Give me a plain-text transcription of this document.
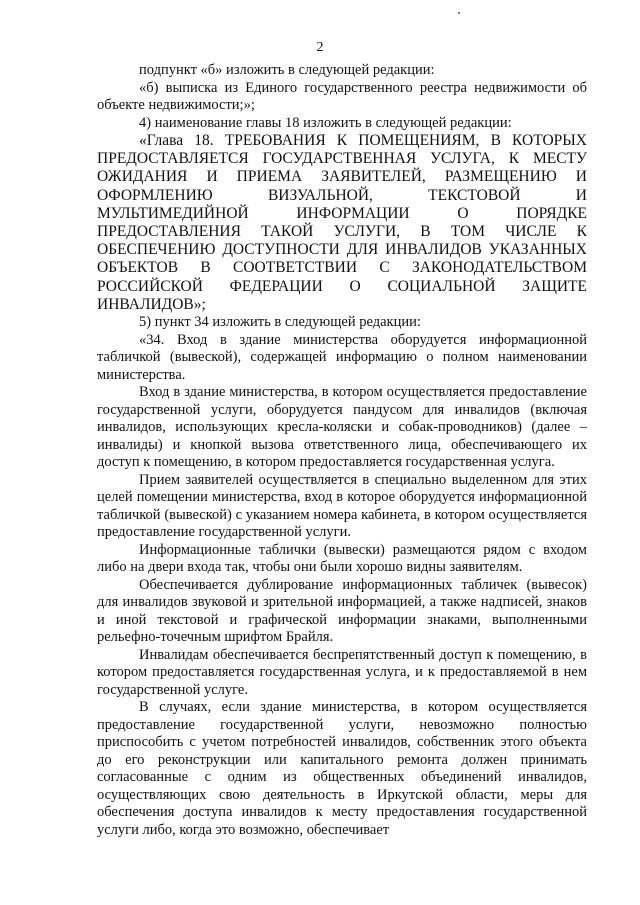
2

подпункт «б» изложить в следующей редакции:

«б) выписка из Единого государственного реестра недвижимости об объекте недвижимости;»;

4) наименование главы 18 изложить в следующей редакции:

«Глава 18. ТРЕБОВАНИЯ К ПОМЕЩЕНИЯМ, В КОТОРЫХ ПРЕДОСТАВЛЯЕТСЯ ГОСУДАРСТВЕННАЯ УСЛУГА, К МЕСТУ ОЖИДАНИЯ И ПРИЕМА ЗАЯВИТЕЛЕЙ, РАЗМЕЩЕНИЮ И ОФОРМЛЕНИЮ ВИЗУАЛЬНОЙ, ТЕКСТОВОЙ И МУЛЬТИМЕДИЙНОЙ ИНФОРМАЦИИ О ПОРЯДКЕ ПРЕДОСТАВЛЕНИЯ ТАКОЙ УСЛУГИ, В ТОМ ЧИСЛЕ К ОБЕСПЕЧЕНИЮ ДОСТУПНОСТИ ДЛЯ ИНВАЛИДОВ УКАЗАННЫХ ОБЪЕКТОВ В СООТВЕТСТВИИ С ЗАКОНОДАТЕЛЬСТВОМ РОССИЙСКОЙ ФЕДЕРАЦИИ О СОЦИАЛЬНОЙ ЗАЩИТЕ ИНВАЛИДОВ»;

5) пункт 34 изложить в следующей редакции:

«34. Вход в здание министерства оборудуется информационной табличкой (вывеской), содержащей информацию о полном наименовании министерства.

Вход в здание министерства, в котором осуществляется предоставление государственной услуги, оборудуется пандусом для инвалидов (включая инвалидов, использующих кресла-коляски и собак-проводников) (далее – инвалиды) и кнопкой вызова ответственного лица, обеспечивающего их доступ к помещению, в котором предоставляется государственная услуга.

Прием заявителей осуществляется в специально выделенном для этих целей помещении министерства, вход в которое оборудуется информационной табличкой (вывеской) с указанием номера кабинета, в котором осуществляется предоставление государственной услуги.

Информационные таблички (вывески) размещаются рядом с входом либо на двери входа так, чтобы они были хорошо видны заявителям.

Обеспечивается дублирование информационных табличек (вывесок) для инвалидов звуковой и зрительной информацией, а также надписей, знаков и иной текстовой и графической информации знаками, выполненными рельефно-точечным шрифтом Брайля.

Инвалидам обеспечивается беспрепятственный доступ к помещению, в котором предоставляется государственная услуга, и к предоставляемой в нем государственной услуге.

В случаях, если здание министерства, в котором осуществляется предоставление государственной услуги, невозможно полностью приспособить с учетом потребностей инвалидов, собственник этого объекта до его реконструкции или капитального ремонта должен принимать согласованные с одним из общественных объединений инвалидов, осуществляющих свою деятельность в Иркутской области, меры для обеспечения доступа инвалидов к месту предоставления государственной услуги либо, когда это возможно, обеспечивает
